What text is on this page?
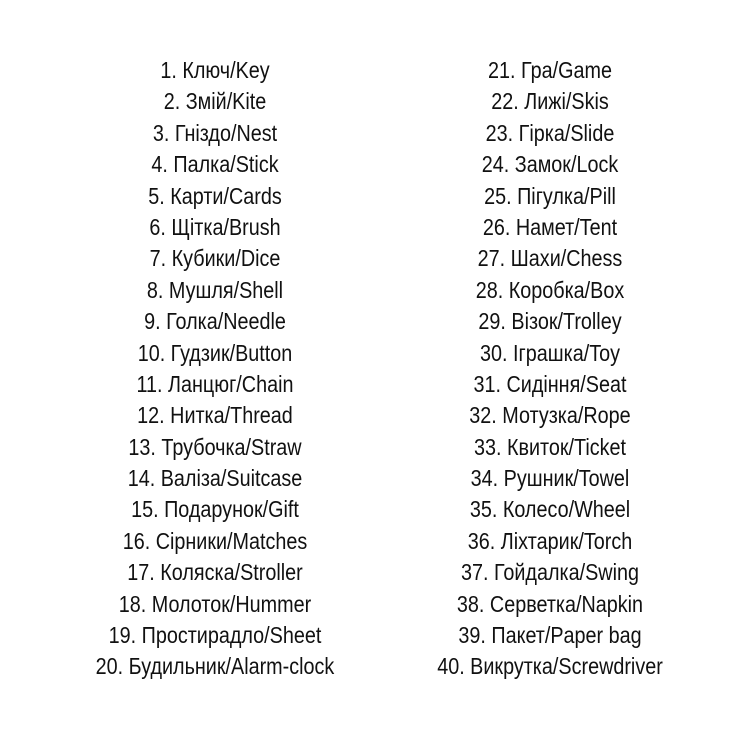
1. Ключ/Key
2. Змій/Kite
3. Гніздо/Nest
4. Палка/Stick
5. Карти/Cards
6. Щітка/Brush
7. Кубики/Dice
8. Мушля/Shell
9. Голка/Needle
10. Гудзик/Button
11. Ланцюг/Chain
12. Нитка/Thread
13. Трубочка/Straw
14. Валіза/Suitcase
15. Подарунок/Gift
16. Сірники/Matches
17. Коляска/Stroller
18. Молоток/Hummer
19. Простирадло/Sheet
20. Будильник/Alarm-clock
21. Гра/Game
22. Лижі/Skis
23. Гірка/Slide
24. Замок/Lock
25. Пігулка/Pill
26. Намет/Tent
27. Шахи/Chess
28. Коробка/Box
29. Візок/Trolley
30. Іграшка/Toy
31. Сидіння/Seat
32. Мотузка/Rope
33. Квиток/Ticket
34. Рушник/Towel
35. Колесо/Wheel
36. Ліхтарик/Torch
37. Гойдалка/Swing
38. Серветка/Napkin
39. Пакет/Paper bag
40. Викрутка/Screwdriver
